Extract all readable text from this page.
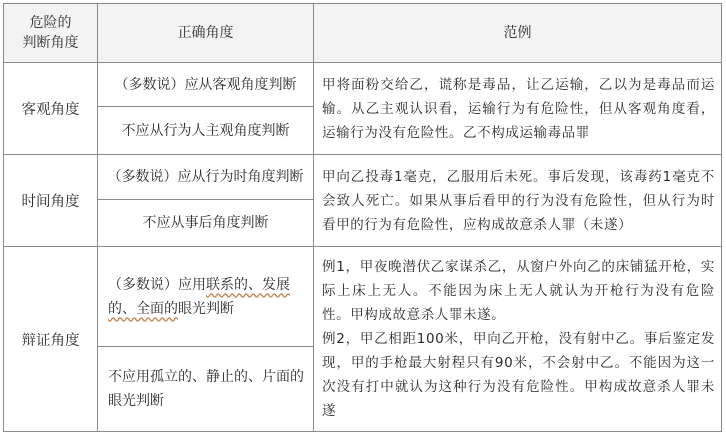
危险的
判断角度	正确角度	范例
客观角度	（多数说）应从客观角度判断	甲将面粉交给乙，谎称是毒品，让乙运输，乙以为是毒品而运输。从乙主观认识看，运输行为有危险性，但从客观角度看，运输行为没有危险性。乙不构成运输毒品罪

	不应从行为人主观角度判断	
时间角度	（多数说）应从行为时角度判断	甲向乙投毒1毫克，乙服用后未死。事后发现，该毒药1毫克不会致人死亡。如果从事后看甲的行为没有危险性，但从行为时看甲的行为有危险性，应构成故意杀人罪（未遂）

	不应从事后角度判断	
辩证角度	（多数说）应用联系的、发展的、全面的眼光判断	例1，甲夜晚潜伏乙家谋杀乙，从窗户外向乙的床铺猛开枪，实际上床上无人。不能因为床上无人就认为开枪行为没有危险性。甲构成故意杀人罪未遂。

例2，甲乙相距100米，甲向乙开枪，没有射中乙。事后鉴定发现，甲的手枪最大射程只有90米，不会射中乙。不能因为这一次没有打中就认为这种行为没有危险性。甲构成故意杀人罪未遂

	不应用孤立的、静止的、片面的眼光判断	
